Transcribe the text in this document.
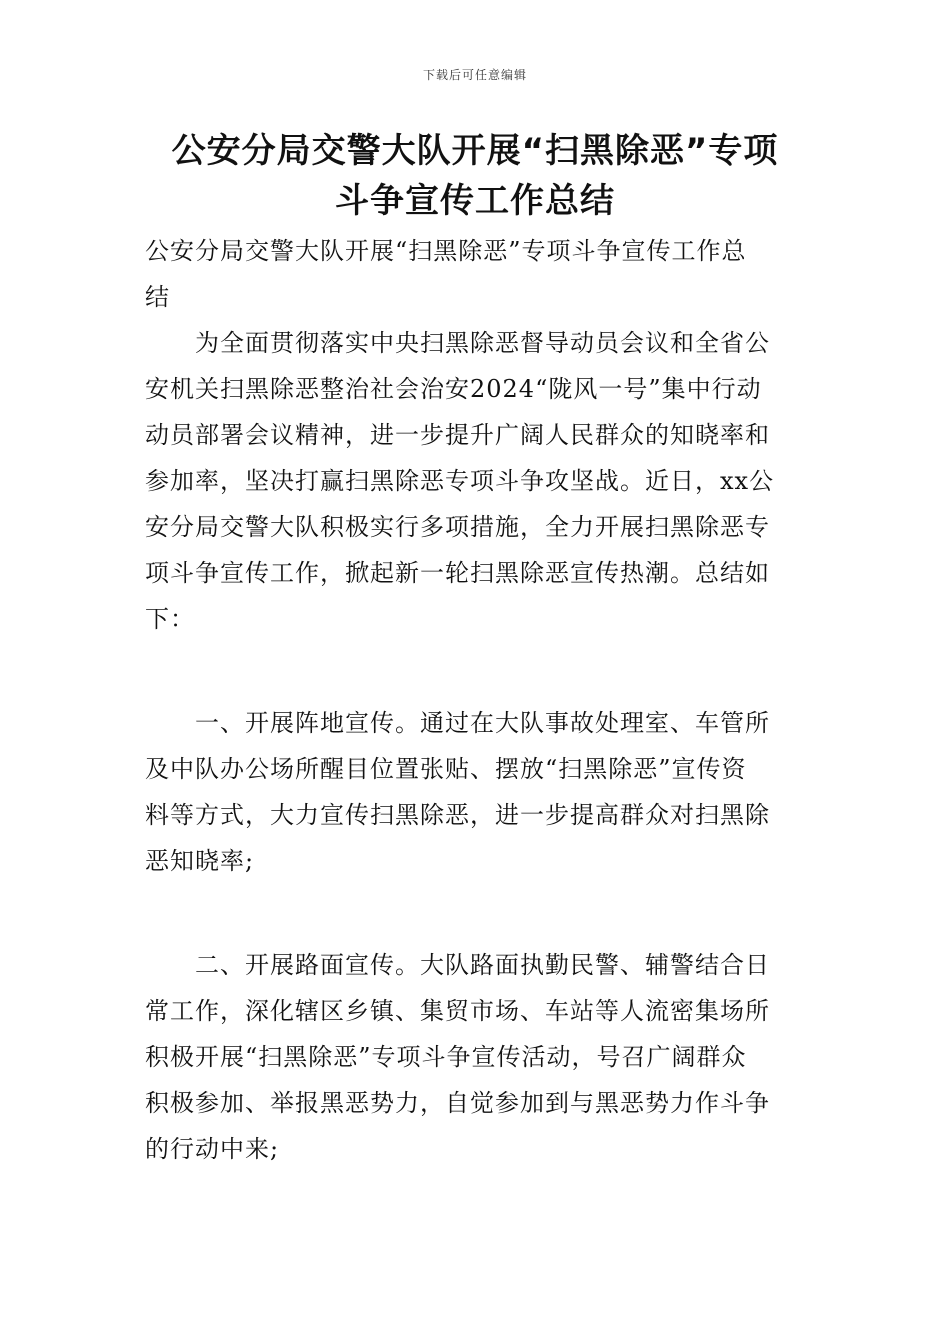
下载后可任意编辑
公安分局交警大队开展“扫黑除恶”专项
斗争宣传工作总结
公安分局交警大队开展“扫黑除恶”专项斗争宣传工作总
结
为全面贯彻落实中央扫黑除恶督导动员会议和全省公
安机关扫黑除恶整治社会治安2024“陇风一号”集中行动
动员部署会议精神，进一步提升广阔人民群众的知晓率和
参加率，坚决打赢扫黑除恶专项斗争攻坚战。近日，xx公
安分局交警大队积极实行多项措施，全力开展扫黑除恶专
项斗争宣传工作，掀起新一轮扫黑除恶宣传热潮。总结如
下：
一、开展阵地宣传。通过在大队事故处理室、车管所
及中队办公场所醒目位置张贴、摆放“扫黑除恶”宣传资
料等方式，大力宣传扫黑除恶，进一步提高群众对扫黑除
恶知晓率;
二、开展路面宣传。大队路面执勤民警、辅警结合日
常工作，深化辖区乡镇、集贸市场、车站等人流密集场所
积极开展“扫黑除恶”专项斗争宣传活动，号召广阔群众
积极参加、举报黑恶势力，自觉参加到与黑恶势力作斗争
的行动中来;
